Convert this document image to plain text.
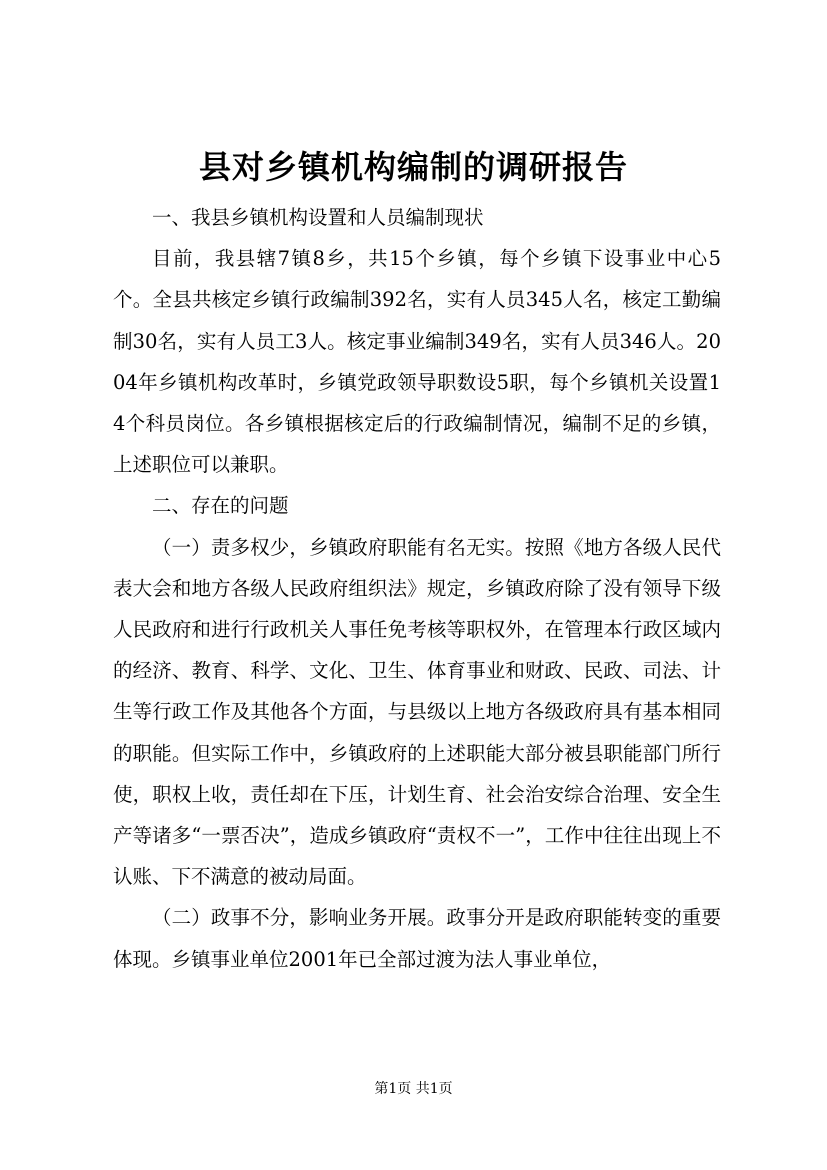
县对乡镇机构编制的调研报告

一、我县乡镇机构设置和人员编制现状

目前，我县辖7镇8乡，共15个乡镇，每个乡镇下设事业中心5个。全县共核定乡镇行政编制392名，实有人员345人名，核定工勤编制30名，实有人员工3人。核定事业编制349名，实有人员346人。2004年乡镇机构改革时，乡镇党政领导职数设5职，每个乡镇机关设置14个科员岗位。各乡镇根据核定后的行政编制情况，编制不足的乡镇，上述职位可以兼职。

二、存在的问题

（一）责多权少，乡镇政府职能有名无实。按照《地方各级人民代表大会和地方各级人民政府组织法》规定，乡镇政府除了没有领导下级人民政府和进行行政机关人事任免考核等职权外，在管理本行政区域内的经济、教育、科学、文化、卫生、体育事业和财政、民政、司法、计生等行政工作及其他各个方面，与县级以上地方各级政府具有基本相同的职能。但实际工作中，乡镇政府的上述职能大部分被县职能部门所行使，职权上收，责任却在下压，计划生育、社会治安综合治理、安全生产等诸多“一票否决”，造成乡镇政府“责权不一”，工作中往往出现上不认账、下不满意的被动局面。

（二）政事不分，影响业务开展。政事分开是政府职能转变的重要体现。乡镇事业单位2001年已全部过渡为法人事业单位，

第1页 共1页
